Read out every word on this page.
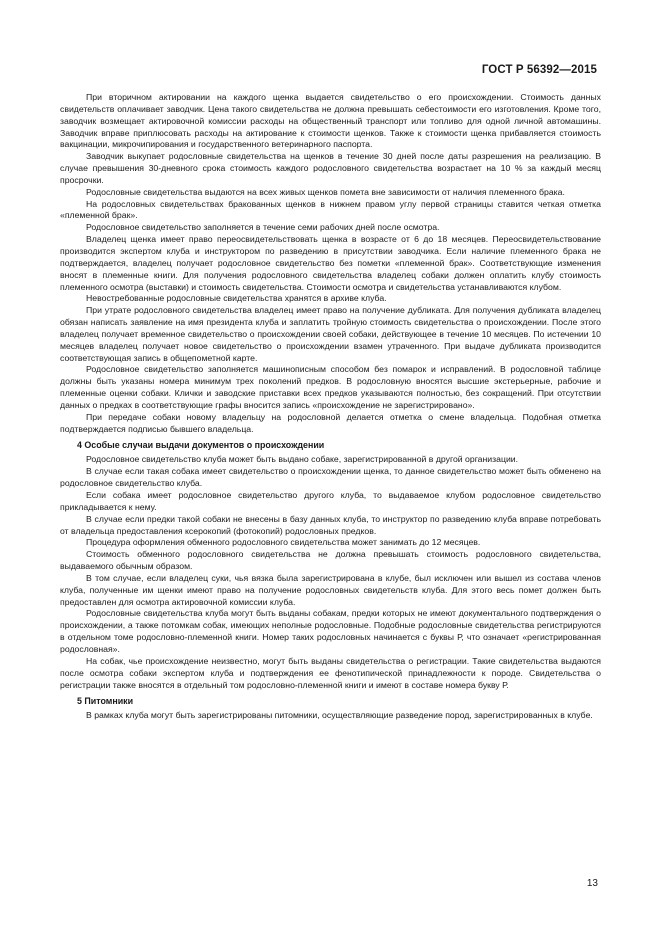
ГОСТ Р 56392—2015

При вторичном актировании на каждого щенка выдается свидетельство о его происхождении. Стоимость данных свидетельств оплачивает заводчик. Цена такого свидетельства не должна превышать себестоимости его изготовления. Кроме того, заводчик возмещает актировочной комиссии расходы на общественный транспорт или топливо для одной личной автомашины. Заводчик вправе приплюсовать расходы на актирование к стоимости щенков. Также к стоимости щенка прибавляется стоимость вакцинации, микрочипирования и государственного ветеринарного паспорта.

Заводчик выкупает родословные свидетельства на щенков в течение 30 дней после даты разрешения на реализацию. В случае превышения 30-дневного срока стоимость каждого родословного свидетельства возрастает на 10 % за каждый месяц просрочки.

Родословные свидетельства выдаются на всех живых щенков помета вне зависимости от наличия племенного брака.

На родословных свидетельствах бракованных щенков в нижнем правом углу первой страницы ставится четкая отметка «племенной брак».

Родословное свидетельство заполняется в течение семи рабочих дней после осмотра.

Владелец щенка имеет право переосвидетельствовать щенка в возрасте от 6 до 18 месяцев. Переосвидетельствование производится экспертом клуба и инструктором по разведению в присутствии заводчика. Если наличие племенного брака не подтверждается, владелец получает родословное свидетельство без пометки «племенной брак». Соответствующие изменения вносят в племенные книги. Для получения родословного свидетельства владелец собаки должен оплатить клубу стоимость племенного осмотра (выставки) и стоимость свидетельства. Стоимости осмотра и свидетельства устанавливаются клубом.

Невостребованные родословные свидетельства хранятся в архиве клуба.

При утрате родословного свидетельства владелец имеет право на получение дубликата. Для получения дубликата владелец обязан написать заявление на имя президента клуба и заплатить тройную стоимость свидетельства о происхождении. После этого владелец получает временное свидетельство о происхождении своей собаки, действующее в течение 10 месяцев. По истечении 10 месяцев владелец получает новое свидетельство о происхождении взамен утраченного. При выдаче дубликата производится соответствующая запись в общепометной карте.

Родословное свидетельство заполняется машинописным способом без помарок и исправлений. В родословной таблице должны быть указаны номера минимум трех поколений предков. В родословную вносятся высшие экстерьерные, рабочие и племенные оценки собаки. Клички и заводские приставки всех предков указываются полностью, без сокращений. При отсутствии данных о предках в соответствующие графы вносится запись «происхождение не зарегистрировано».

При передаче собаки новому владельцу на родословной делается отметка о смене владельца. Подобная отметка подтверждается подписью бывшего владельца.

4 Особые случаи выдачи документов о происхождении

Родословное свидетельство клуба может быть выдано собаке, зарегистрированной в другой организации.

В случае если такая собака имеет свидетельство о происхождении щенка, то данное свидетельство может быть обменено на родословное свидетельство клуба.

Если собака имеет родословное свидетельство другого клуба, то выдаваемое клубом родословное свидетельство прикладывается к нему.

В случае если предки такой собаки не внесены в базу данных клуба, то инструктор по разведению клуба вправе потребовать от владельца предоставления ксерокопий (фотокопий) родословных предков.

Процедура оформления обменного родословного свидетельства может занимать до 12 месяцев.

Стоимость обменного родословного свидетельства не должна превышать стоимость родословного свидетельства, выдаваемого обычным образом.

В том случае, если владелец суки, чья вязка была зарегистрирована в клубе, был исключен или вышел из состава членов клуба, полученные им щенки имеют право на получение родословных свидетельств клуба. Для этого весь помет должен быть предоставлен для осмотра актировочной комиссии клуба.

Родословные свидетельства клуба могут быть выданы собакам, предки которых не имеют документального подтверждения о происхождении, а также потомкам собак, имеющих неполные родословные. Подобные родословные свидетельства регистрируются в отдельном томе родословно-племенной книги. Номер таких родословных начинается с буквы Р, что означает «регистрированная родословная».

На собак, чье происхождение неизвестно, могут быть выданы свидетельства о регистрации. Такие свидетельства выдаются после осмотра собаки экспертом клуба и подтверждения ее фенотипической принадлежности к породе. Свидетельства о регистрации также вносятся в отдельный том родословно-племенной книги и имеют в составе номера букву Р.

5 Питомники

В рамках клуба могут быть зарегистрированы питомники, осуществляющие разведение пород, зарегистрированных в клубе.

13
